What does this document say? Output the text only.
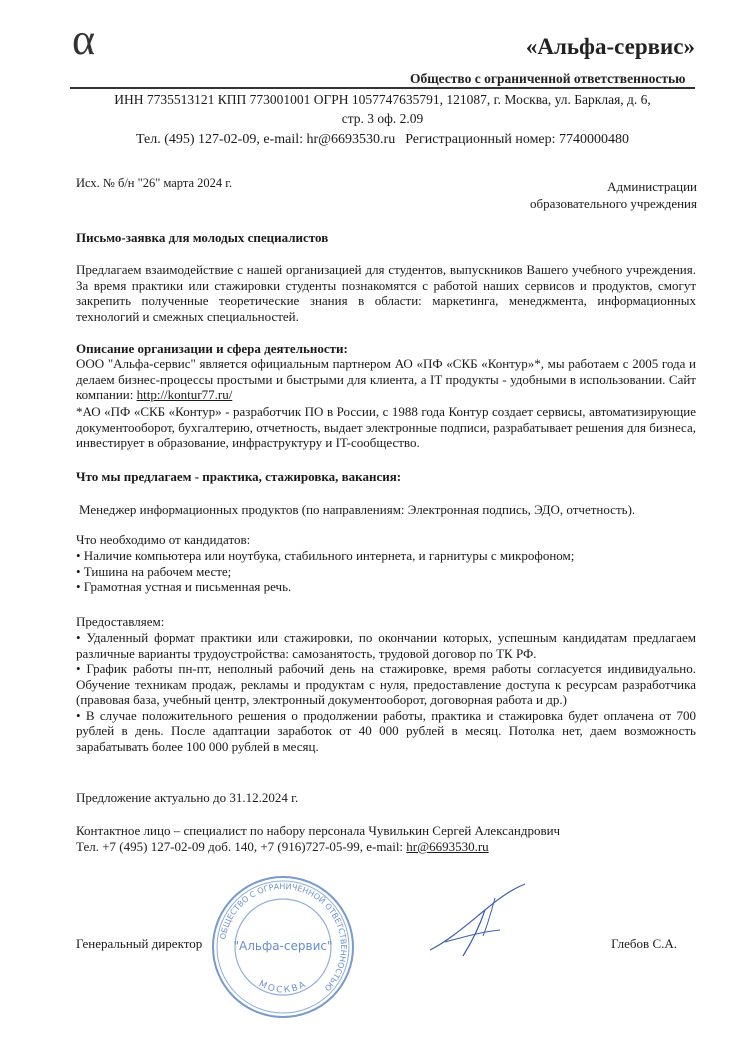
α	«Альфа-сервис»
Общество с ограниченной ответственностью
ИНН 7735513121 КПП 773001001 ОГРН 1057747635791, 121087, г. Москва, ул. Барклая, д. 6,
стр. 3 оф. 2.09
Тел. (495) 127-02-09, e-mail: hr@6693530.ru Регистрационный номер: 7740000480
Исх. № б/н "26" марта 2024 г.	Администрации
образовательного учреждения
Письмо-заявка для молодых специалистов

Предлагаем взаимодействие с нашей организацией для студентов, выпускников Вашего учебного учреждения. За время практики или стажировки студенты познакомятся с работой наших сервисов и продуктов, смогут закрепить полученные теоретические знания в области: маркетинга, менеджмента, информационных технологий и смежных специальностей.

Описание организации и сфера деятельности:

ООО "Альфа-сервис" является официальным партнером АО «ПФ «СКБ «Контур»*, мы работаем с 2005 года и делаем бизнес-процессы простыми и быстрыми для клиента, а IT продукты - удобными в использовании. Сайт компании: http://kontur77.ru/

*АО «ПФ «СКБ «Контур» - разработчик ПО в России, с 1988 года Контур создает сервисы, автоматизирующие документооборот, бухгалтерию, отчетность, выдает электронные подписи, разрабатывает решения для бизнеса, инвестирует в образование, инфраструктуру и IT-сообщество.

Что мы предлагаем - практика, стажировка, вакансия:
Менеджер информационных продуктов (по направлениям: Электронная подпись, ЭДО, отчетность).
Что необходимо от кандидатов:
• Наличие компьютера или ноутбука, стабильного интернета, и гарнитуры с микрофоном;
• Тишина на рабочем месте;
• Грамотная устная и письменная речь.
Предоставляем:

• Удаленный формат практики или стажировки, по окончании которых, успешным кандидатам предлагаем различные варианты трудоустройства: самозанятость, трудовой договор по ТК РФ.

• График работы пн-пт, неполный рабочий день на стажировке, время работы согласуется индивидуально. Обучение техникам продаж, рекламы и продуктам с нуля, предоставление доступа к ресурсам разработчика (правовая база, учебный центр, электронный документооборот, договорная работа и др.)

• В случае положительного решения о продолжении работы, практика и стажировка будет оплачена от 700 рублей в день. После адаптации заработок от 40 000 рублей в месяц. Потолка нет, даем возможность зарабатывать более 100 000 рублей в месяц.

Предложение актуально до 31.12.2024 г.
Контактное лицо – специалист по набору персонала Чувилькин Сергей Александрович
Тел. +7 (495) 127-02-09 доб. 140, +7 (916)727-05-99, e-mail: hr@6693530.ru
Генеральный директор	Глебов С.А.
ОБЩЕСТВО С ОГРАНИЧЕННОЙ ОТВЕТСТВЕННОСТЬЮ
"Альфа-сервис"
МОСКВА
